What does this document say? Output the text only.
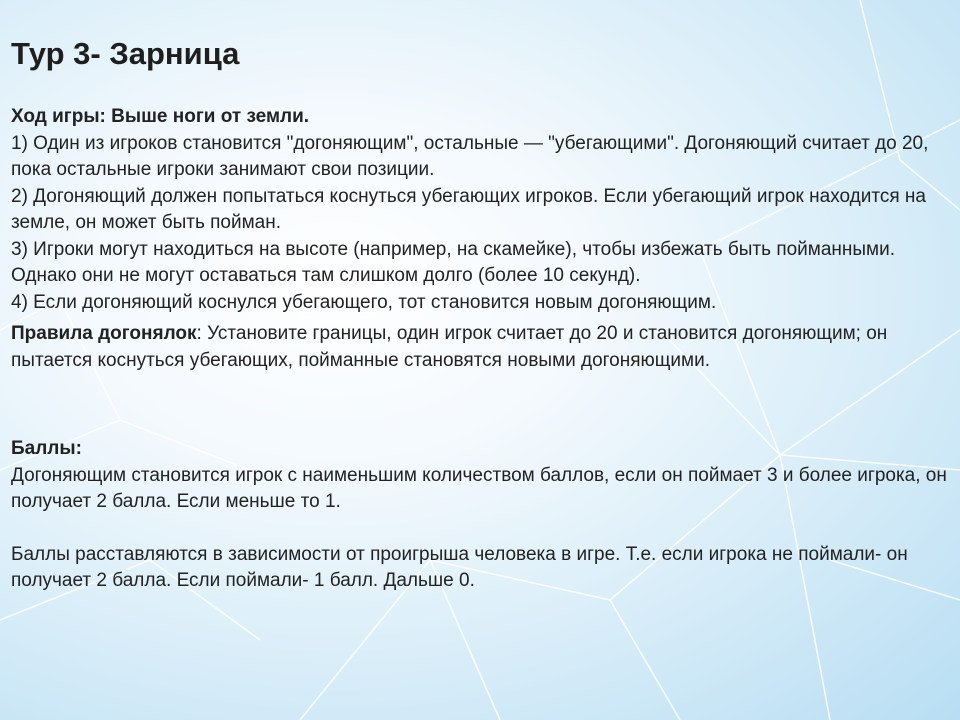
Тур 3- Зарница

Ход игры: Выше ноги от земли.

1) Один из игроков становится "догоняющим", остальные — "убегающими". Догоняющий считает до 20, пока остальные игроки занимают свои позиции.

2) Догоняющий должен попытаться коснуться убегающих игроков. Если убегающий игрок находится на земле, он может быть пойман.

3) Игроки могут находиться на высоте (например, на скамейке), чтобы избежать быть пойманными. Однако они не могут оставаться там слишком долго (более 10 секунд).

4) Если догоняющий коснулся убегающего, тот становится новым догоняющим.

Правила догонялок: Установите границы, один игрок считает до 20 и становится догоняющим; он пытается коснуться убегающих, пойманные становятся новыми догоняющими.

Баллы:

Догоняющим становится игрок с наименьшим количеством баллов, если он поймает 3 и более игрока, он получает 2 балла. Если меньше то 1.

Баллы расставляются в зависимости от проигрыша человека в игре. Т.е. если игрока не поймали- он получает 2 балла. Если поймали- 1 балл. Дальше 0.
